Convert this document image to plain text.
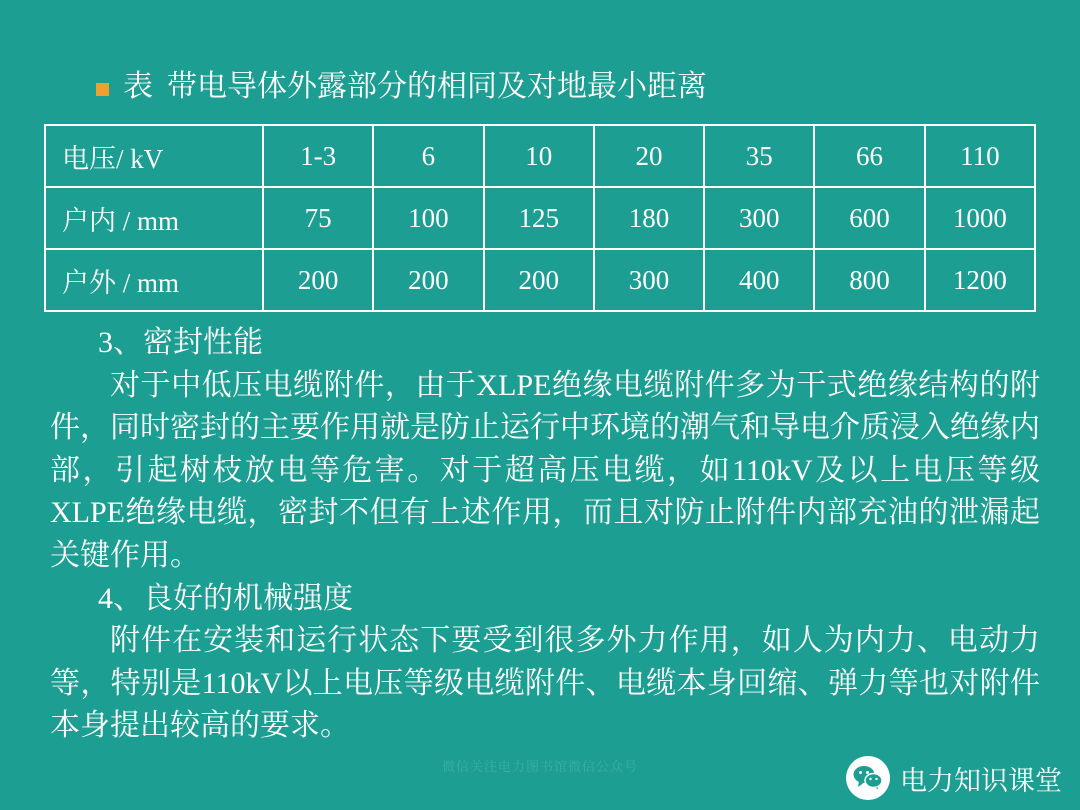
表 带电导体外露部分的相同及对地最小距离
电压/ kV	1-3	6	10	20	35	66	110
户内 / mm	75	100	125	180	300	600	1000
户外 / mm	200	200	200	300	400	800	1200
3、密封性能
对于中低压电缆附件，由于XLPE绝缘电缆附件多为干式绝缘结构的附件，同时密封的主要作用就是防止运行中环境的潮气和导电介质浸入绝缘内部，引起树枝放电等危害。对于超高压电缆，如110kV及以上电压等级XLPE绝缘电缆，密封不但有上述作用，而且对防止附件内部充油的泄漏起关键作用。
4、良好的机械强度
附件在安装和运行状态下要受到很多外力作用，如人为内力、电动力等，特别是110kV以上电压等级电缆附件、电缆本身回缩、弹力等也对附件本身提出较高的要求。
微信关注电力图书馆微信公众号	电力知识课堂
